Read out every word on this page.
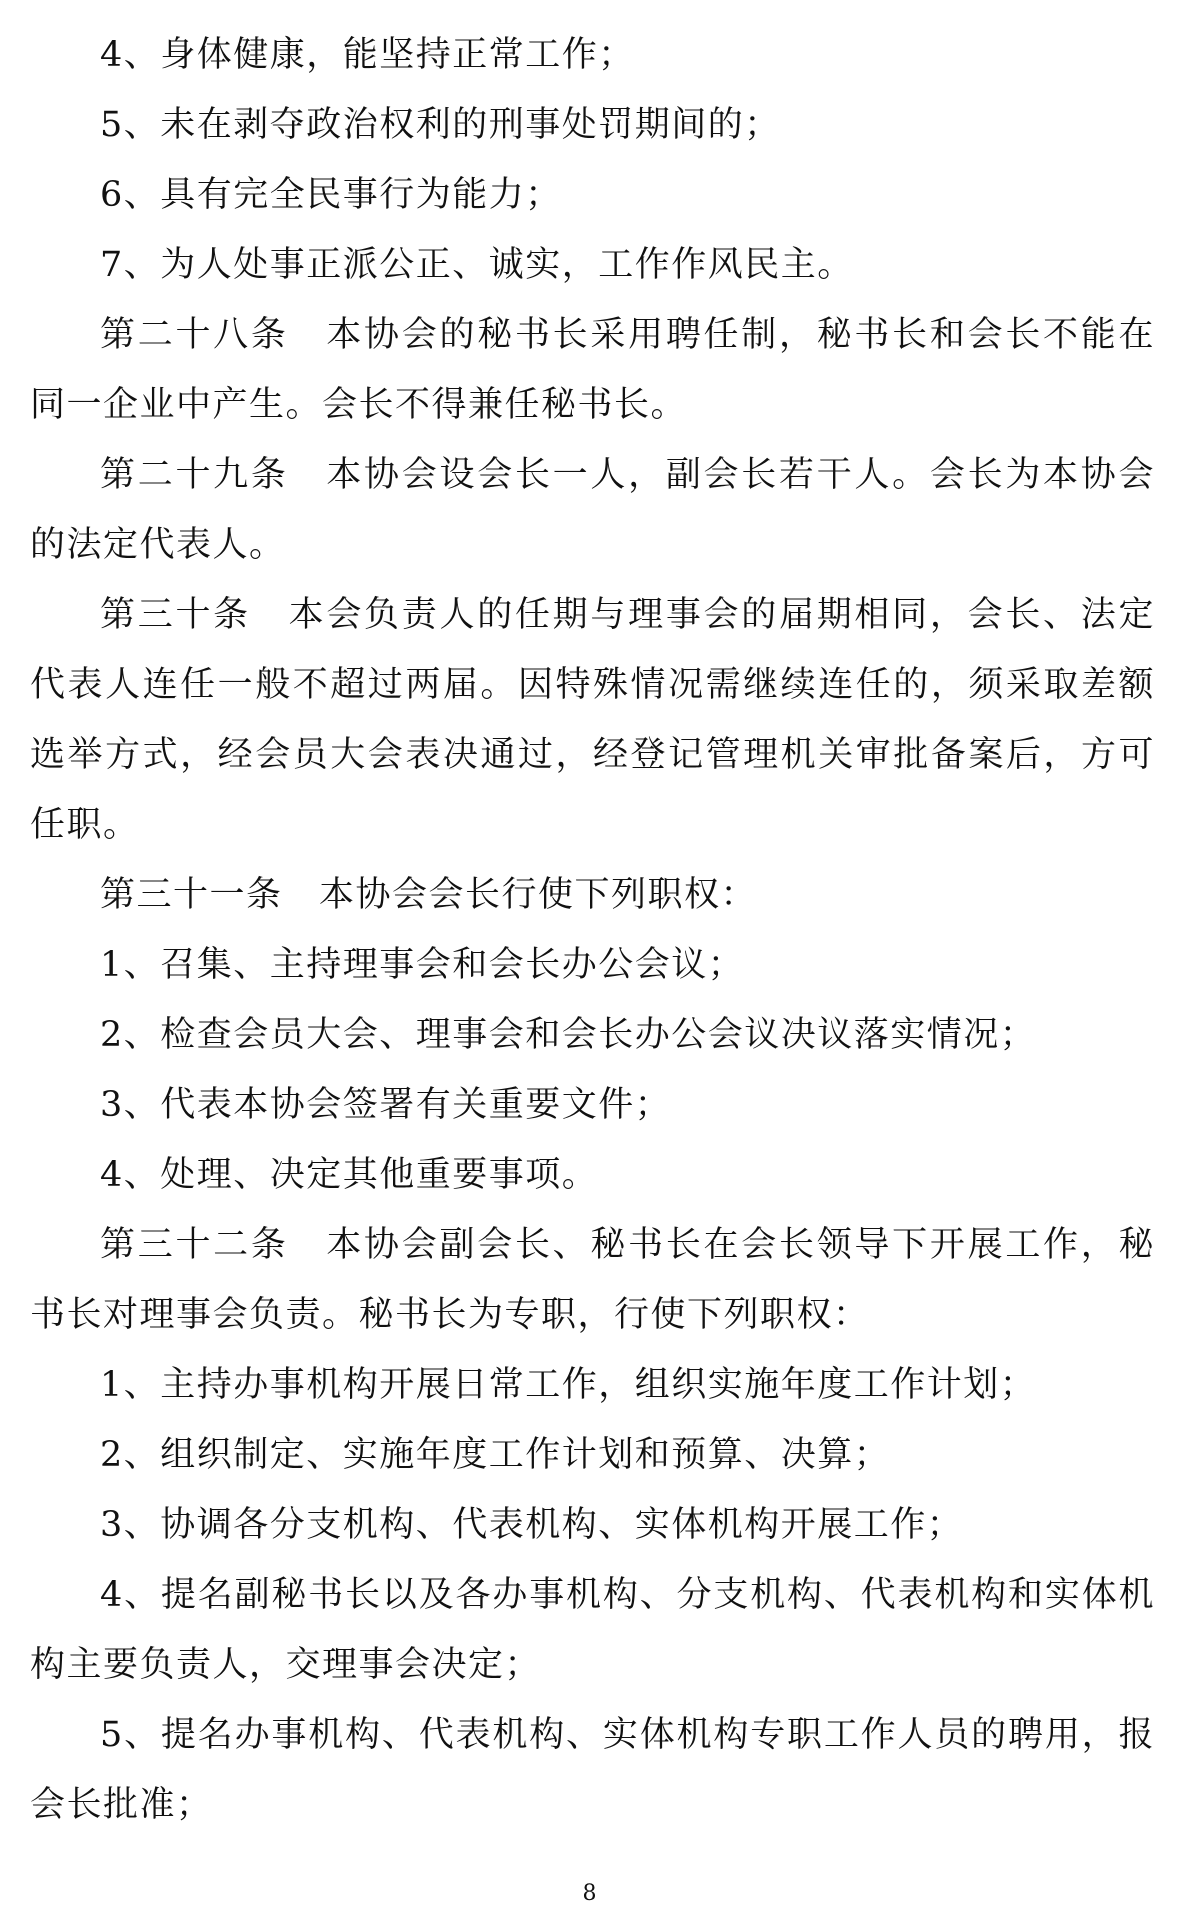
4、身体健康，能坚持正常工作；

5、未在剥夺政治权利的刑事处罚期间的；

6、具有完全民事行为能力；

7、为人处事正派公正、诚实，工作作风民主。

第二十八条　本协会的秘书长采用聘任制，秘书长和会长不能在同一企业中产生。会长不得兼任秘书长。

第二十九条　本协会设会长一人，副会长若干人。会长为本协会的法定代表人。

第三十条　本会负责人的任期与理事会的届期相同，会长、法定代表人连任一般不超过两届。因特殊情况需继续连任的，须采取差额选举方式，经会员大会表决通过，经登记管理机关审批备案后，方可任职。

第三十一条　本协会会长行使下列职权：

1、召集、主持理事会和会长办公会议；

2、检查会员大会、理事会和会长办公会议决议落实情况；

3、代表本协会签署有关重要文件；

4、处理、决定其他重要事项。

第三十二条　本协会副会长、秘书长在会长领导下开展工作，秘书长对理事会负责。秘书长为专职，行使下列职权：

1、主持办事机构开展日常工作，组织实施年度工作计划；

2、组织制定、实施年度工作计划和预算、决算；

3、协调各分支机构、代表机构、实体机构开展工作；

4、提名副秘书长以及各办事机构、分支机构、代表机构和实体机构主要负责人，交理事会决定；

5、提名办事机构、代表机构、实体机构专职工作人员的聘用，报会长批准；

8
